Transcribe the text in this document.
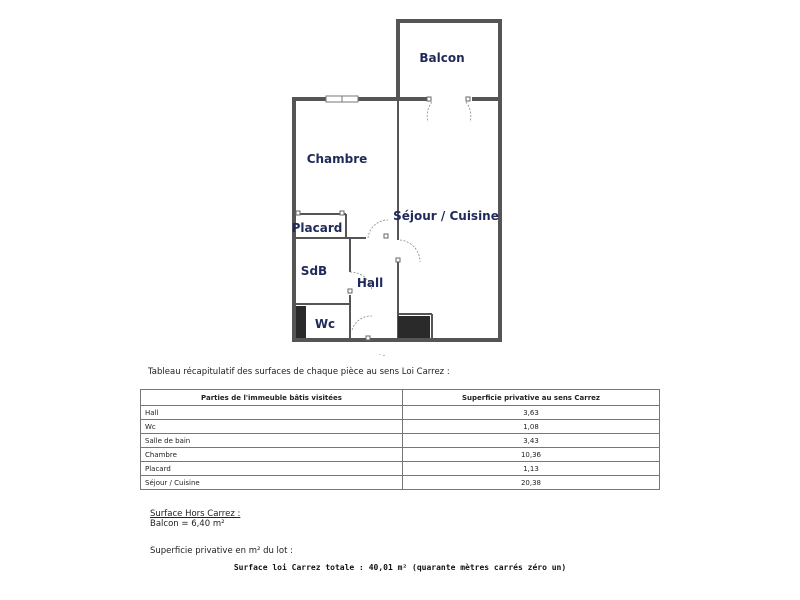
· -
Balcon
Chambre
Séjour / Cuisine
Placard
SdB
Hall
Wc
Tableau récapitulatif des surfaces de chaque pièce au sens Loi Carrez :
Parties de l'immeuble bâtis visitées	Superficie privative au sens Carrez
Hall	3,63
Wc	1,08
Salle de bain	3,43
Chambre	10,36
Placard	1,13
Séjour / Cuisine	20,38
Surface Hors Carrez :
Balcon = 6,40 m²
Superficie privative en m² du lot :
Surface loi Carrez totale : 40,01 m² (quarante mètres carrés zéro un)
